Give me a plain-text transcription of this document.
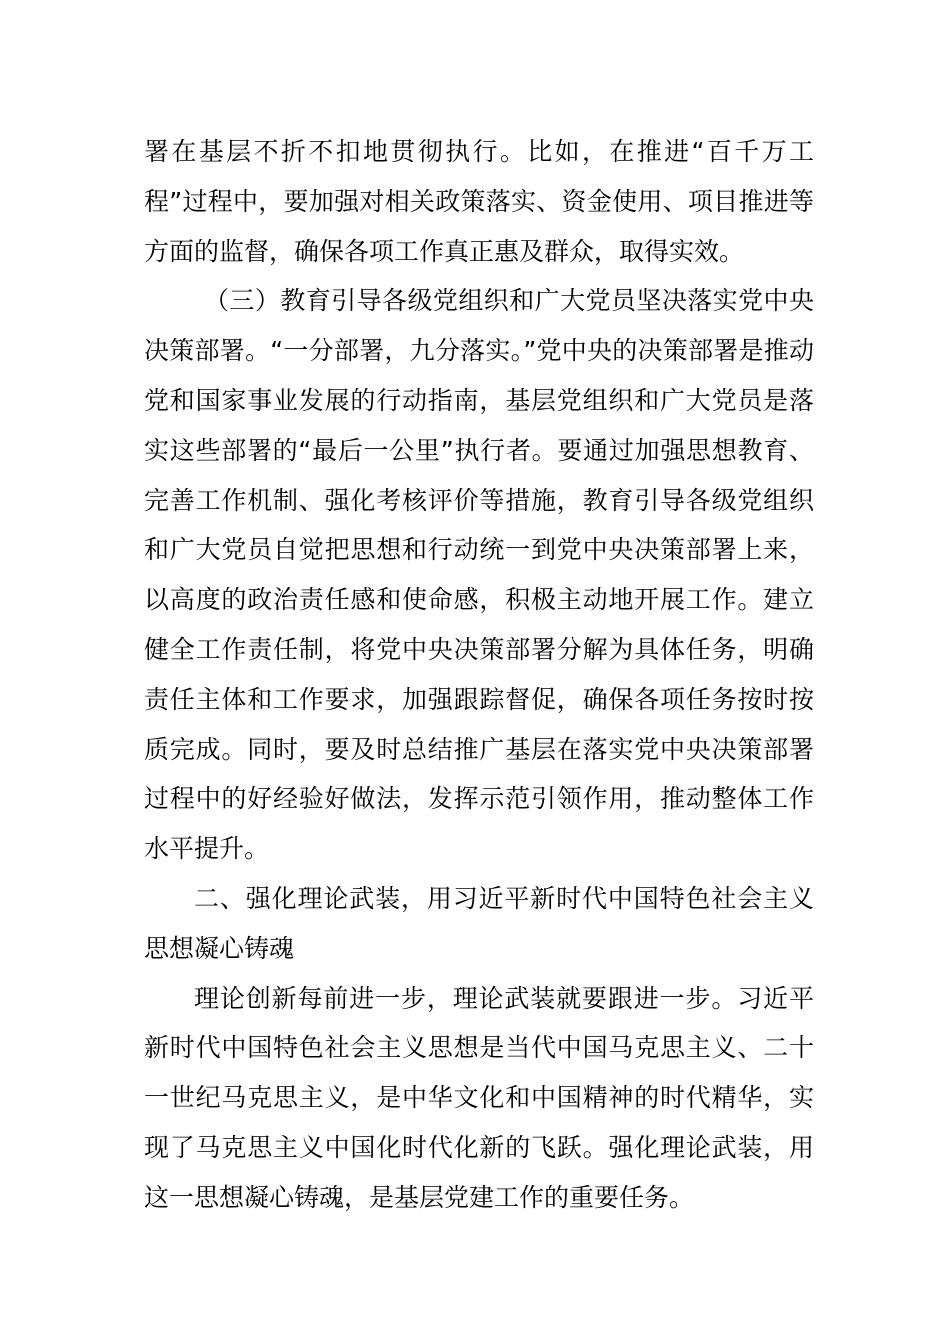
署在基层不折不扣地贯彻执行。比如，在推进“百千万工程”过程中，要加强对相关政策落实、资金使用、项目推进等方面的监督，确保各项工作真正惠及群众，取得实效。

（三）教育引导各级党组织和广大党员坚决落实党中央决策部署。“一分部署，九分落实。”党中央的决策部署是推动党和国家事业发展的行动指南，基层党组织和广大党员是落实这些部署的“最后一公里”执行者。要通过加强思想教育、完善工作机制、强化考核评价等措施，教育引导各级党组织和广大党员自觉把思想和行动统一到党中央决策部署上来，以高度的政治责任感和使命感，积极主动地开展工作。建立健全工作责任制，将党中央决策部署分解为具体任务，明确责任主体和工作要求，加强跟踪督促，确保各项任务按时按质完成。同时，要及时总结推广基层在落实党中央决策部署过程中的好经验好做法，发挥示范引领作用，推动整体工作水平提升。

二、强化理论武装，用习近平新时代中国特色社会主义思想凝心铸魂

理论创新每前进一步，理论武装就要跟进一步。习近平新时代中国特色社会主义思想是当代中国马克思主义、二十一世纪马克思主义，是中华文化和中国精神的时代精华，实现了马克思主义中国化时代化新的飞跃。强化理论武装，用这一思想凝心铸魂，是基层党建工作的重要任务。
